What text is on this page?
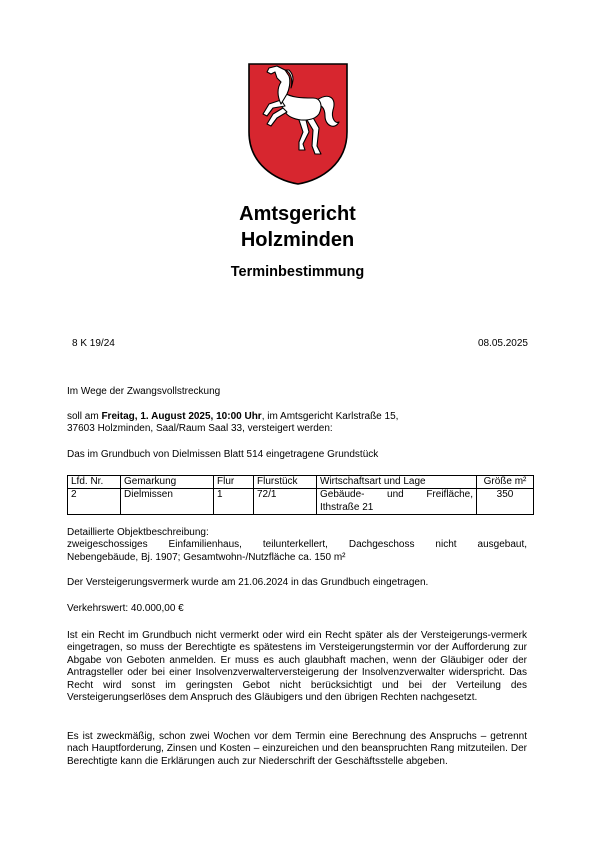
Amtsgericht
Holzminden
Terminbestimmung
8 K 19/24	08.05.2025

Im Wege der Zwangsvollstreckung

soll am Freitag, 1. August 2025, 10:00 Uhr, im Amtsgericht Karlstraße 15,
37603 Holzminden, Saal/Raum Saal 33, versteigert werden:

Das im Grundbuch von Dielmissen Blatt 514 eingetragene Grundstück

Lfd. Nr.	Gemarkung	Flur	Flurstück	Wirtschaftsart und Lage	Größe m²
2	Dielmissen	1	72/1	Gebäude- und Freifläche,
Ithstraße 21	350
Detaillierte Objektbeschreibung:
zweigeschossiges Einfamilienhaus, teilunterkellert, Dachgeschoss nicht ausgebaut,
Nebengebäude, Bj. 1907; Gesamtwohn-/Nutzfläche ca. 150 m²

Der Versteigerungsvermerk wurde am 21.06.2024 in das Grundbuch eingetragen.

Verkehrswert: 40.000,00 €

Ist ein Recht im Grundbuch nicht vermerkt oder wird ein Recht später als der Versteigerungs-vermerk eingetragen, so muss der Berechtigte es spätestens im Versteigerungstermin vor der Aufforderung zur Abgabe von Geboten anmelden. Er muss es auch glaubhaft machen, wenn der Gläubiger oder der Antragsteller oder bei einer Insolvenzverwalterversteigerung der Insolvenzverwalter widerspricht. Das Recht wird sonst im geringsten Gebot nicht berücksichtigt und bei der Verteilung des Versteigerungserlöses dem Anspruch des Gläubigers und den übrigen Rechten nachgesetzt.

Es ist zweckmäßig, schon zwei Wochen vor dem Termin eine Berechnung des Anspruchs – getrennt nach Hauptforderung, Zinsen und Kosten – einzureichen und den beanspruchten Rang mitzuteilen. Der Berechtigte kann die Erklärungen auch zur Niederschrift der Geschäftsstelle abgeben.
